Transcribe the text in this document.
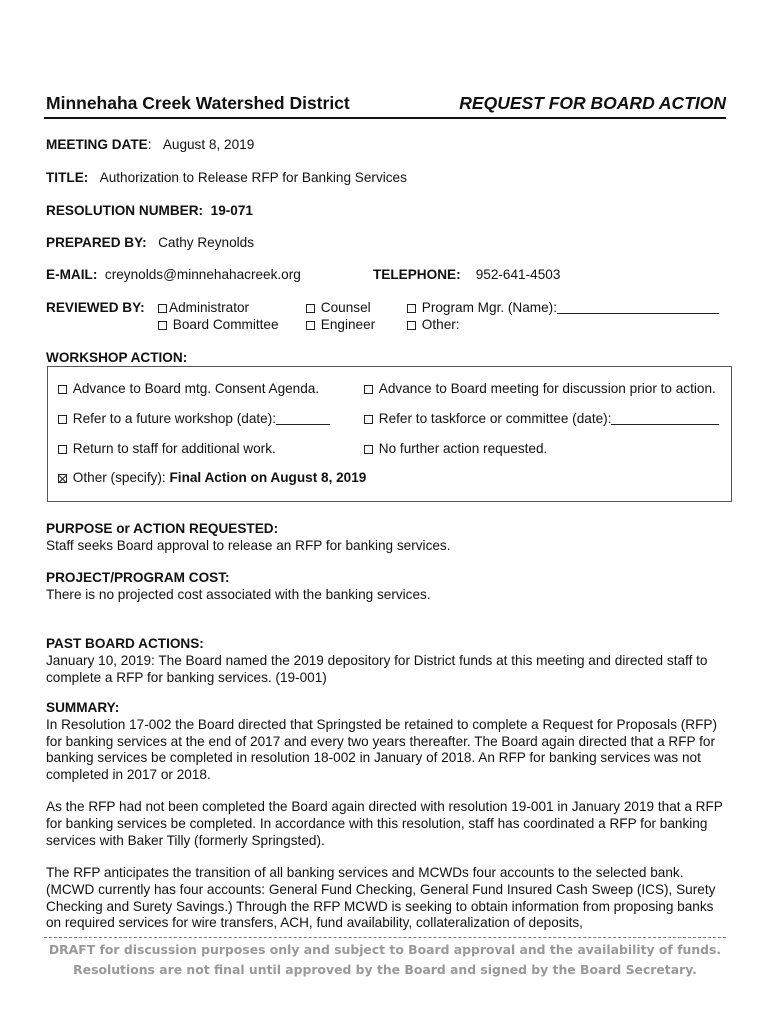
Minnehaha Creek Watershed District	REQUEST FOR BOARD ACTION
MEETING DATE:   August 8, 2019
TITLE: Authorization to Release RFP for Banking Services
RESOLUTION NUMBER: 19-071
PREPARED BY: Cathy Reynolds
E-MAIL: creynolds@minnehahacreek.org	TELEPHONE: 952-641-4503
REVIEWED BY:	Administrator	Counsel	Program Mgr. (Name):
Board Committee	Engineer	Other:
WORKSHOP ACTION:
Advance to Board mtg. Consent Agenda.	Advance to Board meeting for discussion prior to action.
Refer to a future workshop (date):	Refer to taskforce or committee (date):
Return to staff for additional work.	No further action requested.
Other (specify): Final Action on August 8, 2019
PURPOSE or ACTION REQUESTED:
Staff seeks Board approval to release an RFP for banking services.
PROJECT/PROGRAM COST:
There is no projected cost associated with the banking services.
PAST BOARD ACTIONS:
January 10, 2019: The Board named the 2019 depository for District funds at this meeting and directed staff to complete a RFP for banking services. (19-001)
SUMMARY:
In Resolution 17-002 the Board directed that Springsted be retained to complete a Request for Proposals (RFP) for banking services at the end of 2017 and every two years thereafter. The Board again directed that a RFP for banking services be completed in resolution 18-002 in January of 2018. An RFP for banking services was not completed in 2017 or 2018.
As the RFP had not been completed the Board again directed with resolution 19-001 in January 2019 that a RFP for banking services be completed. In accordance with this resolution, staff has coordinated a RFP for banking services with Baker Tilly (formerly Springsted).
The RFP anticipates the transition of all banking services and MCWDs four accounts to the selected bank. (MCWD currently has four accounts: General Fund Checking, General Fund Insured Cash Sweep (ICS), Surety Checking and Surety Savings.) Through the RFP MCWD is seeking to obtain information from proposing banks on required services for wire transfers, ACH, fund availability, collateralization of deposits,
DRAFT for discussion purposes only and subject to Board approval and the availability of funds.
Resolutions are not final until approved by the Board and signed by the Board Secretary.
